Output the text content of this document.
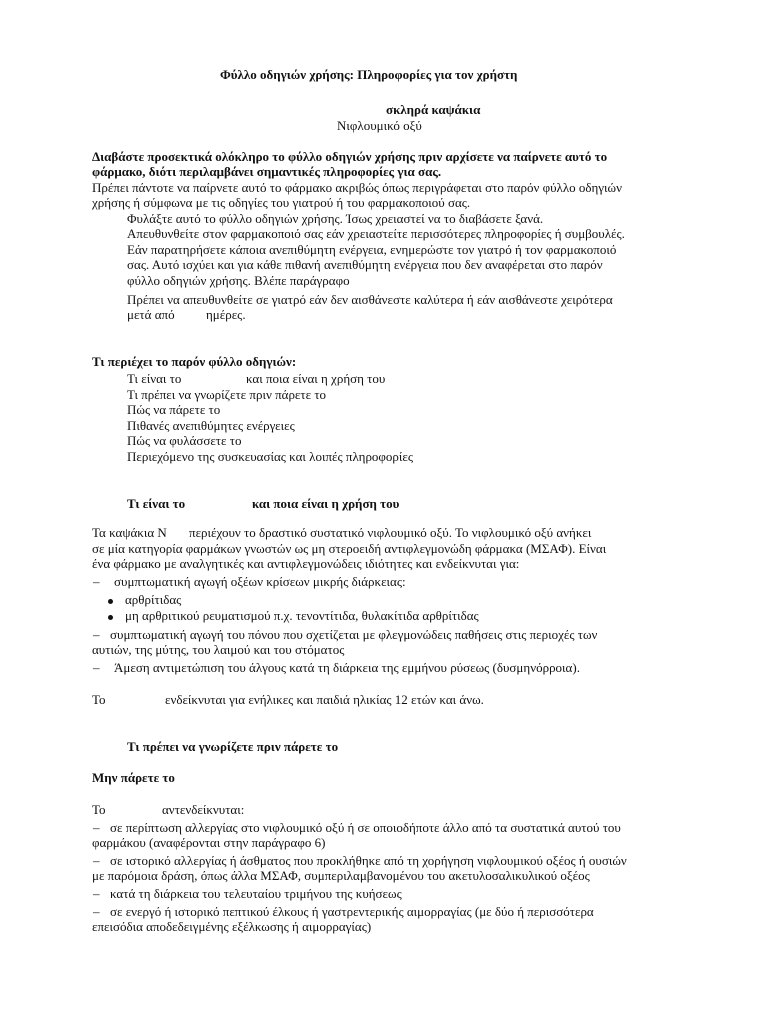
Φύλλο οδηγιών χρήσης: Πληροφορίες για τον χρήστη
σκληρά καψάκια
Νιφλουμικό οξύ
Διαβάστε προσεκτικά ολόκληρο το φύλλο οδηγιών χρήσης πριν αρχίσετε να παίρνετε αυτό το
φάρμακο, διότι περιλαμβάνει σημαντικές πληροφορίες για σας.
Πρέπει πάντοτε να παίρνετε αυτό το φάρμακο ακριβώς όπως περιγράφεται στο παρόν φύλλο οδηγιών
χρήσης ή σύμφωνα με τις οδηγίες του γιατρού ή του φαρμακοποιού σας.
Φυλάξτε αυτό το φύλλο οδηγιών χρήσης. Ίσως χρειαστεί να το διαβάσετε ξανά.
Απευθυνθείτε στον φαρμακοποιό σας εάν χρειαστείτε περισσότερες πληροφορίες ή συμβουλές.
Εάν παρατηρήσετε κάποια ανεπιθύμητη ενέργεια, ενημερώστε τον γιατρό ή τον φαρμακοποιό
σας. Αυτό ισχύει και για κάθε πιθανή ανεπιθύμητη ενέργεια που δεν αναφέρεται στο παρόν
φύλλο οδηγιών χρήσης. Βλέπε παράγραφο
Πρέπει να απευθυνθείτε σε γιατρό εάν δεν αισθάνεστε καλύτερα ή εάν αισθάνεστε χειρότερα
μετά από ημέρες.
Τι περιέχει το παρόν φύλλο οδηγιών:
Τι είναι το	και ποια είναι η χρήση του
Τι πρέπει να γνωρίζετε πριν πάρετε το
Πώς να πάρετε το
Πιθανές ανεπιθύμητες ενέργειες
Πώς να φυλάσσετε το
Περιεχόμενο της συσκευασίας και λοιπές πληροφορίες
Τι είναι το	και ποια είναι η χρήση του
Τα καψάκια N περιέχουν το δραστικό συστατικό νιφλουμικό οξύ. Το νιφλουμικό οξύ ανήκει
σε μία κατηγορία φαρμάκων γνωστών ως μη στεροειδή αντιφλεγμονώδη φάρμακα (ΜΣΑΦ). Είναι
ένα φάρμακο με αναλγητικές και αντιφλεγμονώδεις ιδιότητες και ενδείκνυται για:
– συμπτωματική αγωγή οξέων κρίσεων μικρής διάρκειας:
αρθρίτιδας
μη αρθριτικού ρευματισμού π.χ. τενοντίτιδα, θυλακίτιδα αρθρίτιδας
– συμπτωματική αγωγή του πόνου που σχετίζεται με φλεγμονώδεις παθήσεις στις περιοχές των
αυτιών, της μύτης, του λαιμού και του στόματος
– Άμεση αντιμετώπιση του άλγους κατά τη διάρκεια της εμμήνου ρύσεως (δυσμηνόρροια).
Το	ενδείκνυται για ενήλικες και παιδιά ηλικίας 12 ετών και άνω.
Τι πρέπει να γνωρίζετε πριν πάρετε το
Μην πάρετε το
Το	αντενδείκνυται:
– σε περίπτωση αλλεργίας στο νιφλουμικό οξύ ή σε οποιοδήποτε άλλο από τα συστατικά αυτού του
φαρμάκου (αναφέρονται στην παράγραφο 6)
– σε ιστορικό αλλεργίας ή άσθματος που προκλήθηκε από τη χορήγηση νιφλουμικού οξέος ή ουσιών
με παρόμοια δράση, όπως άλλα ΜΣΑΦ, συμπεριλαμβανομένου του ακετυλοσαλικυλικού οξέος
– κατά τη διάρκεια του τελευταίου τριμήνου της κυήσεως
– σε ενεργό ή ιστορικό πεπτικού έλκους ή γαστρεντερικής αιμορραγίας (με δύο ή περισσότερα
επεισόδια αποδεδειγμένης εξέλκωσης ή αιμορραγίας)
